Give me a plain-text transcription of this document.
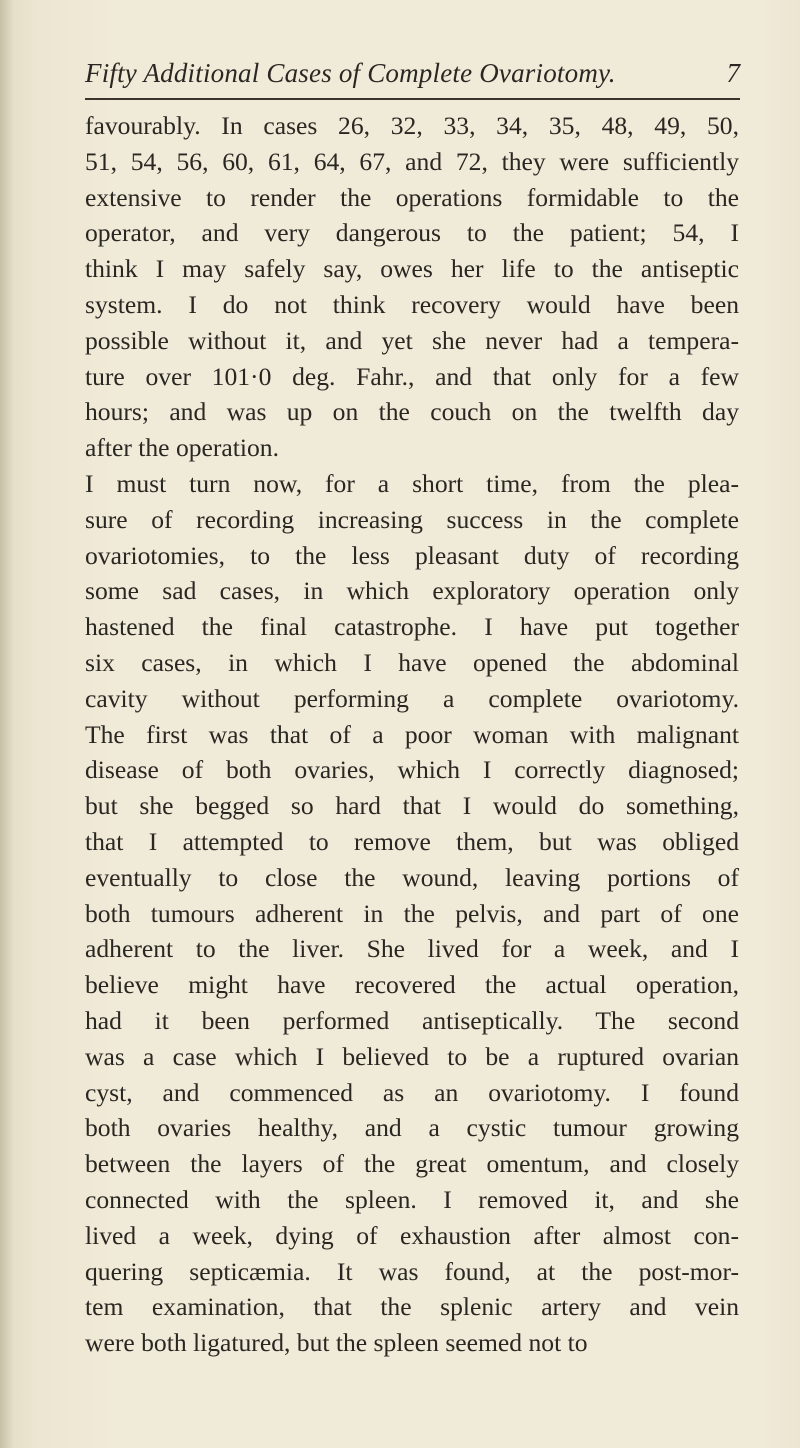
Fifty Additional Cases of Complete Ovariotomy.	7
favourably. In cases 26, 32, 33, 34, 35, 48, 49, 50,
51, 54, 56, 60, 61, 64, 67, and 72, they were sufficiently
extensive to render the operations formidable to the
operator, and very dangerous to the patient; 54, I
think I may safely say, owes her life to the antiseptic
system. I do not think recovery would have been
possible without it, and yet she never had a tempera-
ture over 101·0 deg. Fahr., and that only for a few
hours; and was up on the couch on the twelfth day
after the operation.
I must turn now, for a short time, from the plea-
sure of recording increasing success in the complete
ovariotomies, to the less pleasant duty of recording
some sad cases, in which exploratory operation only
hastened the final catastrophe. I have put together
six cases, in which I have opened the abdominal
cavity without performing a complete ovariotomy.
The first was that of a poor woman with malignant
disease of both ovaries, which I correctly diagnosed;
but she begged so hard that I would do something,
that I attempted to remove them, but was obliged
eventually to close the wound, leaving portions of
both tumours adherent in the pelvis, and part of one
adherent to the liver. She lived for a week, and I
believe might have recovered the actual operation,
had it been performed antiseptically. The second
was a case which I believed to be a ruptured ovarian
cyst, and commenced as an ovariotomy. I found
both ovaries healthy, and a cystic tumour growing
between the layers of the great omentum, and closely
connected with the spleen. I removed it, and she
lived a week, dying of exhaustion after almost con-
quering septicæmia. It was found, at the post-mor-
tem examination, that the splenic artery and vein
were both ligatured, but the spleen seemed not to
